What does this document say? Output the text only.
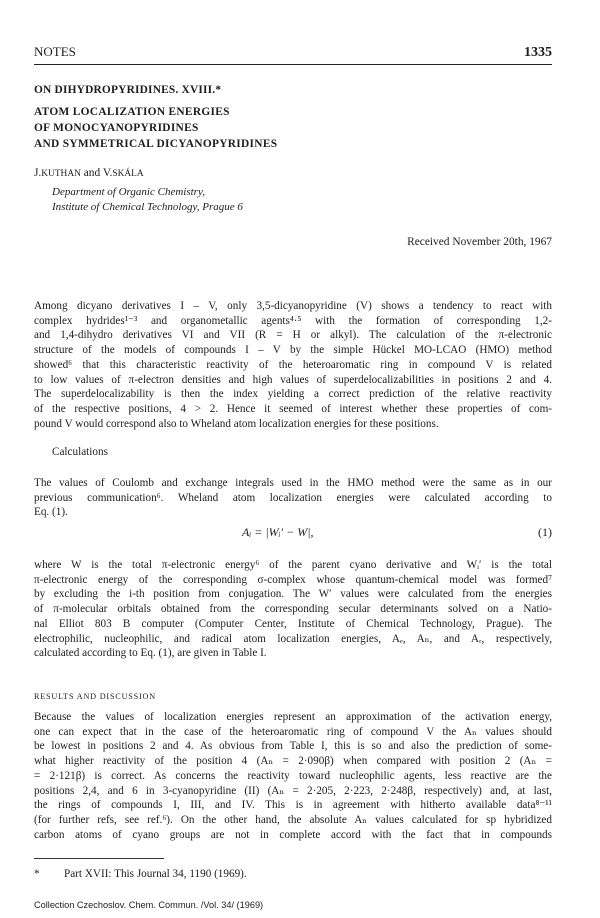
NOTES	1335
ON DIHYDROPYRIDINES. XVIII.*
ATOM LOCALIZATION ENERGIES
OF MONOCYANOPYRIDINES
AND SYMMETRICAL DICYANOPYRIDINES
J.KUTHAN and V.SKÁLA
Department of Organic Chemistry,
Institute of Chemical Technology, Prague 6
Received November 20th, 1967
Among dicyano derivatives I – V, only 3,5-dicyanopyridine (V) shows a tendency to react with
complex hydrides¹⁻³ and organometallic agents⁴·⁵ with the formation of corresponding 1,2-
and 1,4-dihydro derivatives VI and VII (R = H or alkyl). The calculation of the π-electronic
structure of the models of compounds I – V by the simple Hückel MO-LCAO (HMO) method
showed⁶ that this characteristic reactivity of the heteroaromatic ring in compound V is related
to low values of π-electron densities and high values of superdelocalizabilities in positions 2 and 4.
The superdelocalizability is then the index yielding a correct prediction of the relative reactivity
of the respective positions, 4 > 2. Hence it seemed of interest whether these properties of com-
pound V would correspond also to Wheland atom localization energies for these positions.
Calculations
The values of Coulomb and exchange integrals used in the HMO method were the same as in our
previous communication⁶. Wheland atom localization energies were calculated according to
Eq. (1).
Aᵢ = |Wᵢ′ − W|,	(1)
where W is the total π-electronic energy⁶ of the parent cyano derivative and Wᵢ′ is the total
π-electronic energy of the corresponding σ-complex whose quantum-chemical model was formed⁷
by excluding the i-th position from conjugation. The W′ values were calculated from the energies
of π-molecular orbitals obtained from the corresponding secular determinants solved on a Natio-
nal Elliot 803 B computer (Computer Center, Institute of Chemical Technology, Prague). The
electrophilic, nucleophilic, and radical atom localization energies, Aₑ, Aₙ, and Aᵣ, respectively,
calculated according to Eq. (1), are given in Table I.
RESULTS AND DISCUSSION
Because the values of localization energies represent an approximation of the activation energy,
one can expect that in the case of the heteroaromatic ring of compound V the Aₙ values should
be lowest in positions 2 and 4. As obvious from Table I, this is so and also the prediction of some-
what higher reactivity of the position 4 (Aₙ = 2·090β) when compared with position 2 (Aₙ =
= 2·121β) is correct. As concerns the reactivity toward nucleophilic agents, less reactive are the
positions 2,4, and 6 in 3-cyanopyridine (II) (Aₙ = 2·205, 2·223, 2·248β, respectively) and, at last,
the rings of compounds I, III, and IV. This is in agreement with hitherto available data⁸⁻¹¹
(for further refs, see ref.⁶). On the other hand, the absolute Aₙ values calculated for sp hybridized
carbon atoms of cyano groups are not in complete accord with the fact that in compounds
* Part XVII: This Journal 34, 1190 (1969).
Collection Czechoslov. Chem. Commun. /Vol. 34/ (1969)
